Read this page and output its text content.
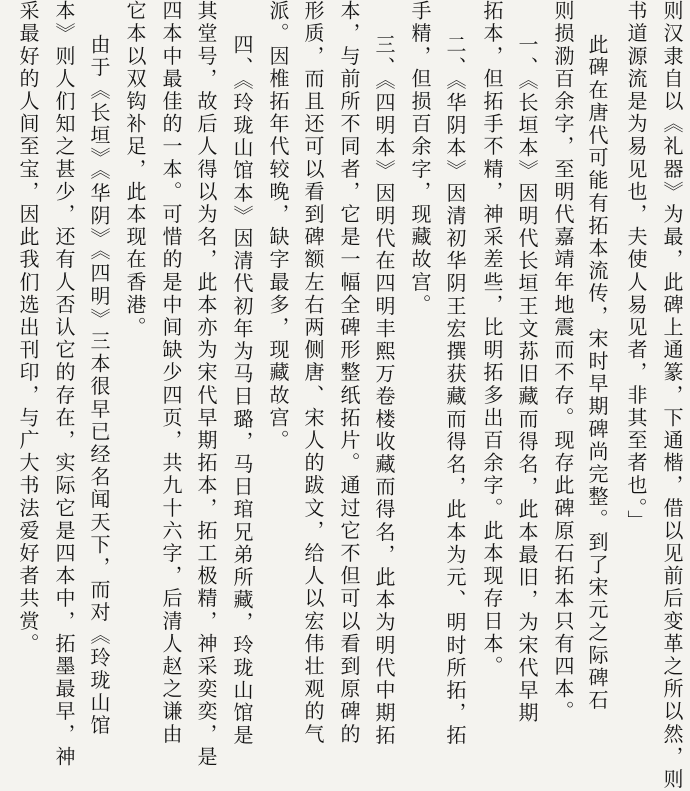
则汉隶自以《礼器》为最，此碑上通篆，下通楷，借以见前后变革之所以然，则
书道源流是为易见也，夫使人易见者，非其至者也。」
此碑在唐代可能有拓本流传，宋时早期碑尚完整。到了宋元之际碑石
则损泐百余字，至明代嘉靖年地震而不存。现存此碑原石拓本只有四本。
一、《长垣本》因明代长垣王文荪旧藏而得名，此本最旧，为宋代早期
拓本，但拓手不精，神采差些，比明拓多出百余字。此本现存日本。
二、《华阴本》因清初华阴王宏撰获藏而得名，此本为元、明时所拓，拓
手精，但损百余字，现藏故宫。
三、《四明本》因明代在四明丰熙万卷楼收藏而得名，此本为明代中期拓
本，与前所不同者，它是一幅全碑形整纸拓片。通过它不但可以看到原碑的
形质，而且还可以看到碑额左右两侧唐、宋人的跋文，给人以宏伟壮观的气
派。因椎拓年代较晚，缺字最多，现藏故宫。
四、《玲珑山馆本》因清代初年为马日璐，马日琯兄弟所藏，玲珑山馆是
其堂号，故后人得以为名，此本亦为宋代早期拓本，拓工极精，神采奕奕，是
四本中最佳的一本。可惜的是中间缺少四页，共九十六字，后清人赵之谦由
它本以双钩补足，此本现在香港。
由于《长垣》《华阴》《四明》三本很早已经名闻天下，而对《玲珑山馆
本》则人们知之甚少，还有人否认它的存在，实际它是四本中，拓墨最早，神
采最好的人间至宝，因此我们选出刊印，与广大书法爱好者共赏。
